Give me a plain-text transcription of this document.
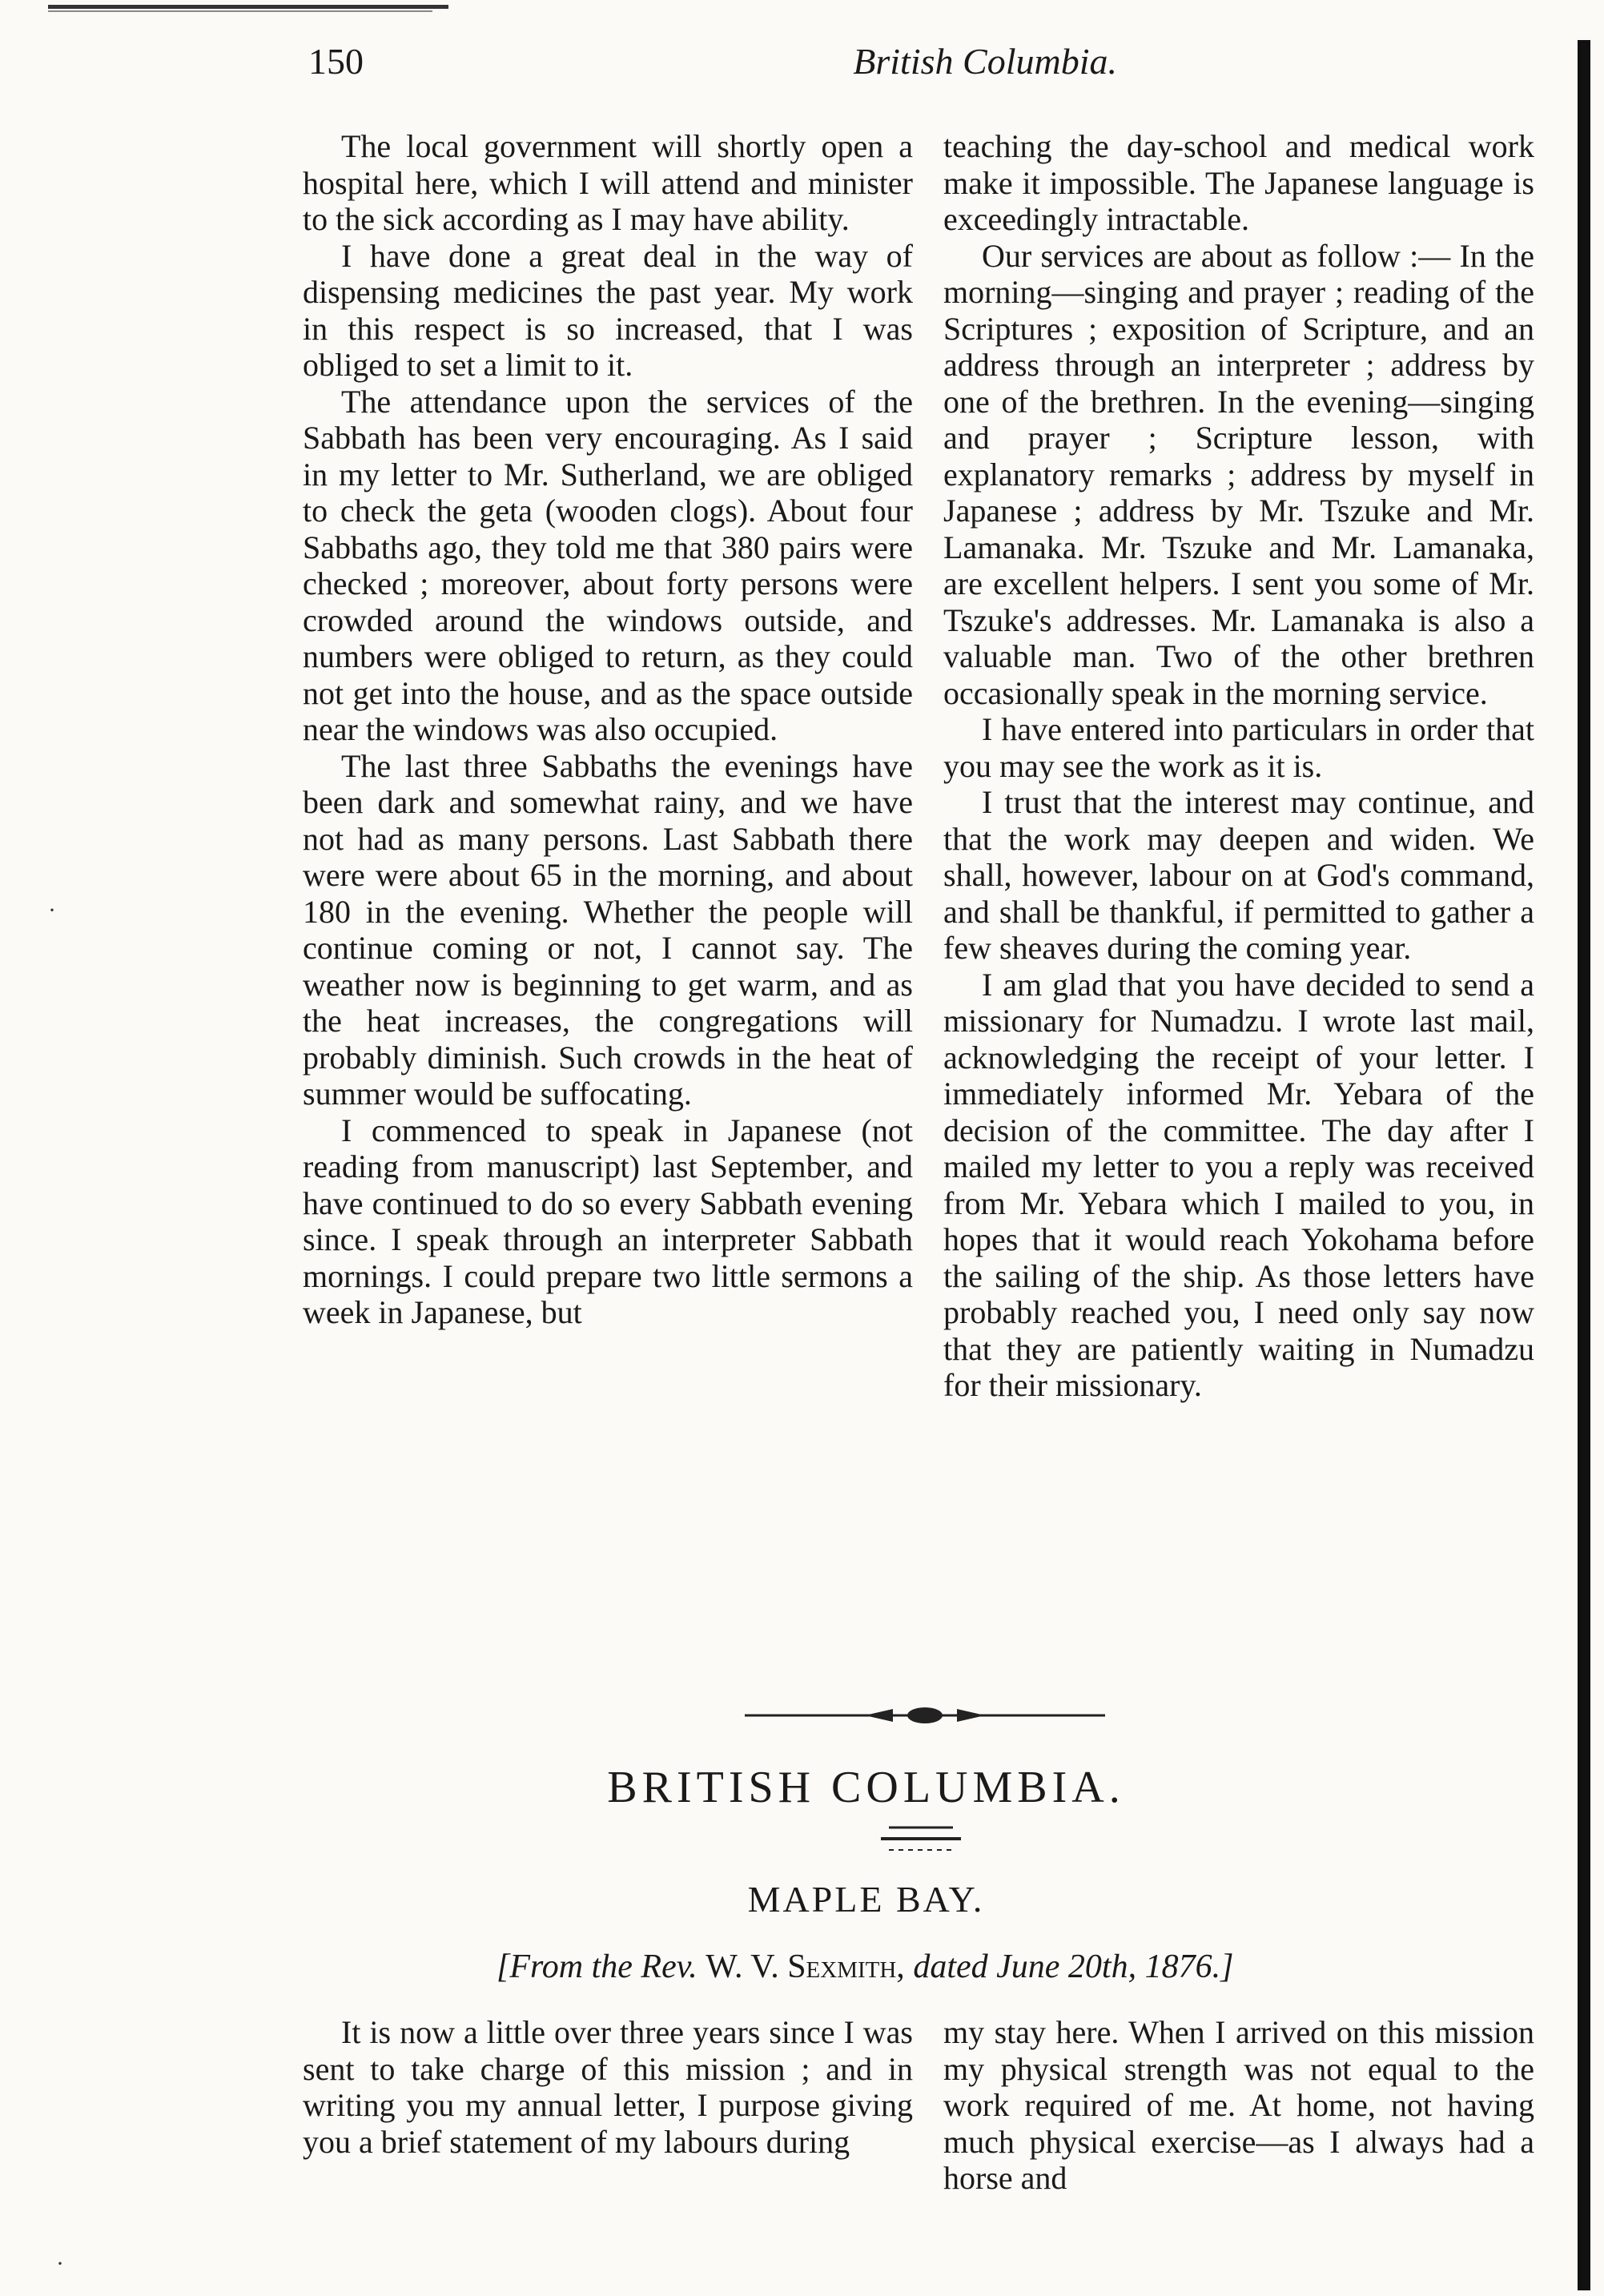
·
·
150	British Columbia.

The local government will shortly open a hospital here, which I will attend and minister to the sick according as I may have ability.

I have done a great deal in the way of dispensing medicines the past year. My work in this respect is so increased, that I was obliged to set a limit to it.

The attendance upon the services of the Sabbath has been very encouraging. As I said in my letter to Mr. Sutherland, we are obliged to check the geta (wooden clogs). About four Sabbaths ago, they told me that 380 pairs were checked ; moreover, about forty persons were crowded around the windows outside, and numbers were obliged to return, as they could not get into the house, and as the space outside near the windows was also occupied.

The last three Sabbaths the evenings have been dark and somewhat rainy, and we have not had as many persons. Last Sabbath there were were about 65 in the morning, and about 180 in the evening. Whether the people will continue coming or not, I cannot say. The weather now is beginning to get warm, and as the heat increases, the congregations will probably diminish. Such crowds in the heat of summer would be suffocating.

I commenced to speak in Japanese (not reading from manuscript) last September, and have continued to do so every Sabbath evening since. I speak through an interpreter Sabbath mornings. I could prepare two little sermons a week in Japanese, but

teaching the day-school and medical work make it impossible. The Japanese language is exceedingly intractable.

Our services are about as follow :— In the morning—singing and prayer ; reading of the Scriptures ; exposition of Scripture, and an address through an interpreter ; address by one of the brethren. In the evening—singing and prayer ; Scripture lesson, with explanatory remarks ; address by myself in Japanese ; address by Mr. Tszuke and Mr. Lamanaka. Mr. Tszuke and Mr. Lamanaka, are excellent helpers. I sent you some of Mr. Tszuke's addresses. Mr. Lamanaka is also a valuable man. Two of the other brethren occasionally speak in the morning service.

I have entered into particulars in order that you may see the work as it is.

I trust that the interest may continue, and that the work may deepen and widen. We shall, however, labour on at God's command, and shall be thankful, if permitted to gather a few sheaves during the coming year.

I am glad that you have decided to send a missionary for Numadzu. I wrote last mail, acknowledging the receipt of your letter. I immediately informed Mr. Yebara of the decision of the committee. The day after I mailed my letter to you a reply was received from Mr. Yebara which I mailed to you, in hopes that it would reach Yokohama before the sailing of the ship. As those letters have probably reached you, I need only say now that they are patiently waiting in Numadzu for their missionary.

BRITISH COLUMBIA.
MAPLE BAY.
[From the Rev. W. V. Sexmith, dated June 20th, 1876.]

It is now a little over three years since I was sent to take charge of this mission ; and in writing you my annual letter, I purpose giving you a brief statement of my labours during

my stay here. When I arrived on this mission my physical strength was not equal to the work required of me. At home, not having much physical exercise—as I always had a horse and
